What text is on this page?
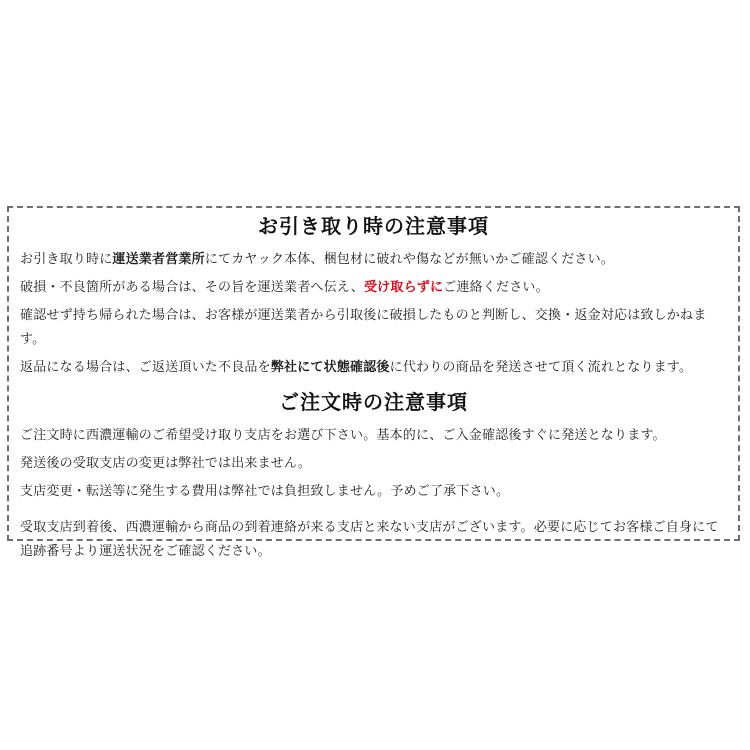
お引き取り時の注意事項

お引き取り時に運送業者営業所にてカヤック本体、梱包材に破れや傷などが無いかご確認ください。

破損・不良箇所がある場合は、その旨を運送業者へ伝え、受け取らずにご連絡ください。

確認せず持ち帰られた場合は、お客様が運送業者から引取後に破損したものと判断し、交換・返金対応は致しかねます。

返品になる場合は、ご返送頂いた不良品を弊社にて状態確認後に代わりの商品を発送させて頂く流れとなります。

ご注文時の注意事項

ご注文時に西濃運輸のご希望受け取り支店をお選び下さい。基本的に、ご入金確認後すぐに発送となります。

発送後の受取支店の変更は弊社では出来ません。

支店変更・転送等に発生する費用は弊社では負担致しません。予めご了承下さい。

受取支店到着後、西濃運輸から商品の到着連絡が来る支店と来ない支店がございます。必要に応じてお客様ご自身にて追跡番号より運送状況をご確認ください。
